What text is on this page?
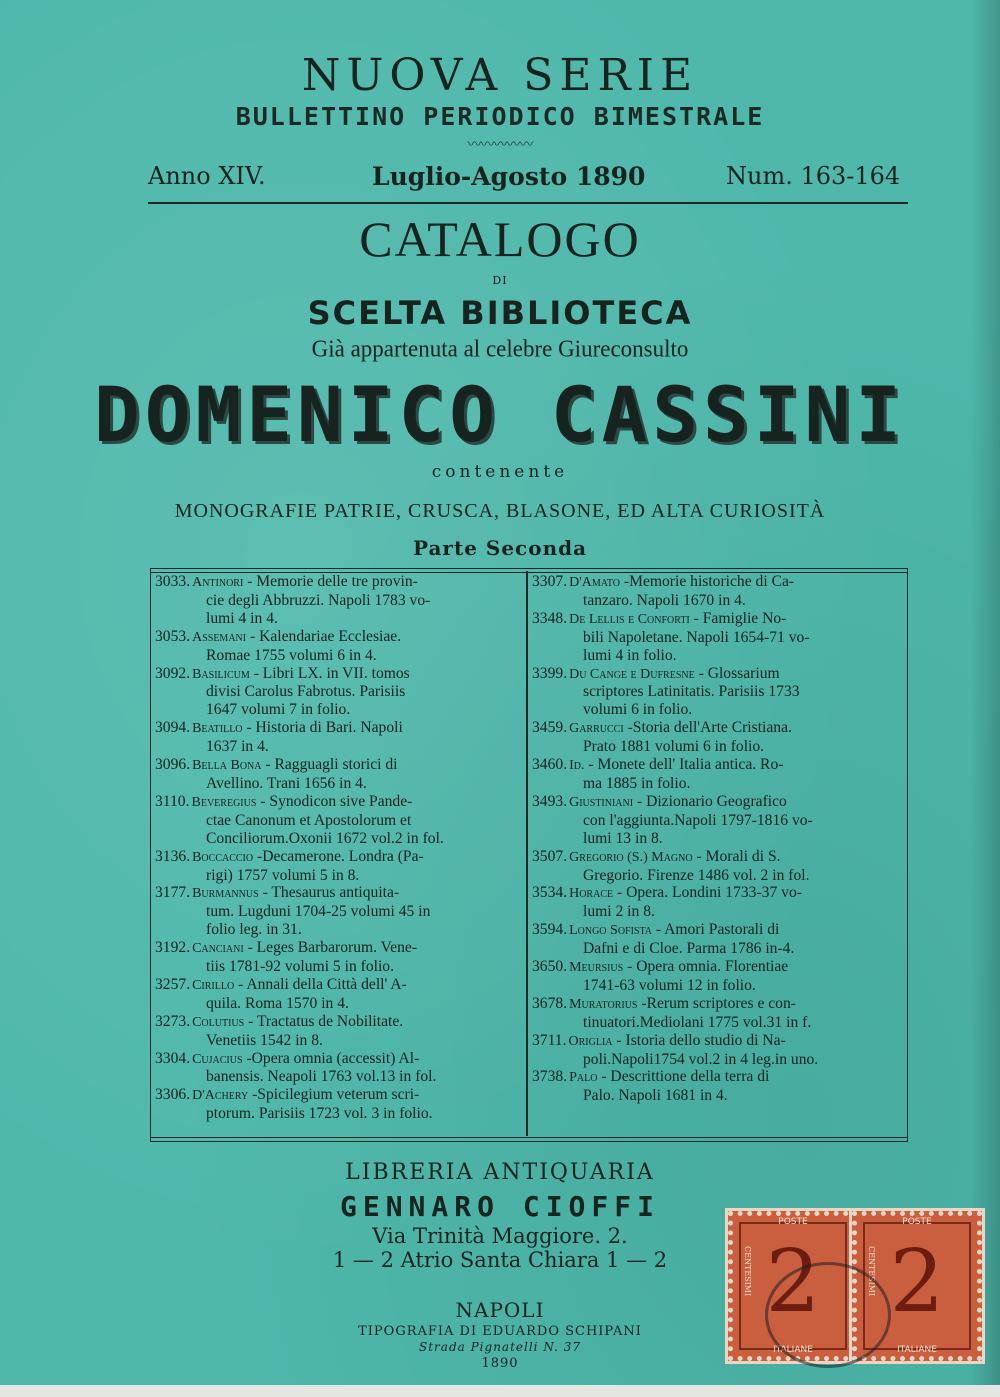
NUOVA SERIE
BULLETTINO PERIODICO BIMESTRALE
〰〰〰〰〰
Anno XIV.	Luglio-Agosto 1890	Num. 163-164
CATALOGO
DI
SCELTA BIBLIOTECA
Già appartenuta al celebre Giureconsulto
DOMENICO CASSINI
contenente
MONOGRAFIE PATRIE, CRUSCA, BLASONE, ED ALTA CURIOSITÀ
Parte Seconda
3033. Antinori - Memorie delle tre provin-
cie degli Abbruzzi. Napoli 1783 vo-
lumi 4 in 4.
3053. Assemani - Kalendariae Ecclesiae.
Romae 1755 volumi 6 in 4.
3092. Basilicum - Libri LX. in VII. tomos
divisi Carolus Fabrotus. Parisiis
1647 volumi 7 in folio.
3094. Beatillo - Historia di Bari. Napoli
1637 in 4.
3096. Bella Bona - Ragguagli storici di
Avellino. Trani 1656 in 4.
3110. Beveregius - Synodicon sive Pande-
ctae Canonum et Apostolorum et
Conciliorum.Oxonii 1672 vol.2 in fol.
3136. Boccaccio -Decamerone. Londra (Pa-
rigi) 1757 volumi 5 in 8.
3177. Burmannus - Thesaurus antiquita-
tum. Lugduni 1704-25 volumi 45 in
folio leg. in 31.
3192. Canciani - Leges Barbarorum. Vene-
tiis 1781-92 volumi 5 in folio.
3257. Cirillo - Annali della Città dell' A-
quila. Roma 1570 in 4.
3273. Colutius - Tractatus de Nobilitate.
Venetiis 1542 in 8.
3304. Cujacius -Opera omnia (accessit) Al-
banensis. Neapoli 1763 vol.13 in fol.
3306. D'Achery -Spicilegium veterum scri-
ptorum. Parisiis 1723 vol. 3 in folio.
3307. D'Amato -Memorie historiche di Ca-
tanzaro. Napoli 1670 in 4.
3348. De Lellis e Conforti - Famiglie No-
bili Napoletane. Napoli 1654-71 vo-
lumi 4 in folio.
3399. Du Cange e Dufresne - Glossarium
scriptores Latinitatis. Parisiis 1733
volumi 6 in folio.
3459. Garrucci -Storia dell'Arte Cristiana.
Prato 1881 volumi 6 in folio.
3460. Id. - Monete dell' Italia antica. Ro-
ma 1885 in folio.
3493. Giustiniani - Dizionario Geografico
con l'aggiunta.Napoli 1797-1816 vo-
lumi 13 in 8.
3507. Gregorio (S.) Magno - Morali di S.
Gregorio. Firenze 1486 vol. 2 in fol.
3534. Horace - Opera. Londini 1733-37 vo-
lumi 2 in 8.
3594. Longo Sofista - Amori Pastorali di
Dafni e di Cloe. Parma 1786 in-4.
3650. Meursius - Opera omnia. Florentiae
1741-63 volumi 12 in folio.
3678. Muratorius -Rerum scriptores e con-
tinuatori.Mediolani 1775 vol.31 in f.
3711. Origlia - Istoria dello studio di Na-
poli.Napoli1754 vol.2 in 4 leg.in uno.
3738. Palo - Descrittione della terra di
Palo. Napoli 1681 in 4.
LIBRERIA ANTIQUARIA
GENNARO CIOFFI
Via Trinità Maggiore. 2.
1 — 2 Atrio Santa Chiara 1 — 2
NAPOLI
TIPOGRAFIA DI EDUARDO SCHIPANI
Strada Pignatelli N. 37
1890
POSTE
CENTESIMI 2
ITALIANE
POSTE
CENTESIMI 2
ITALIANE
